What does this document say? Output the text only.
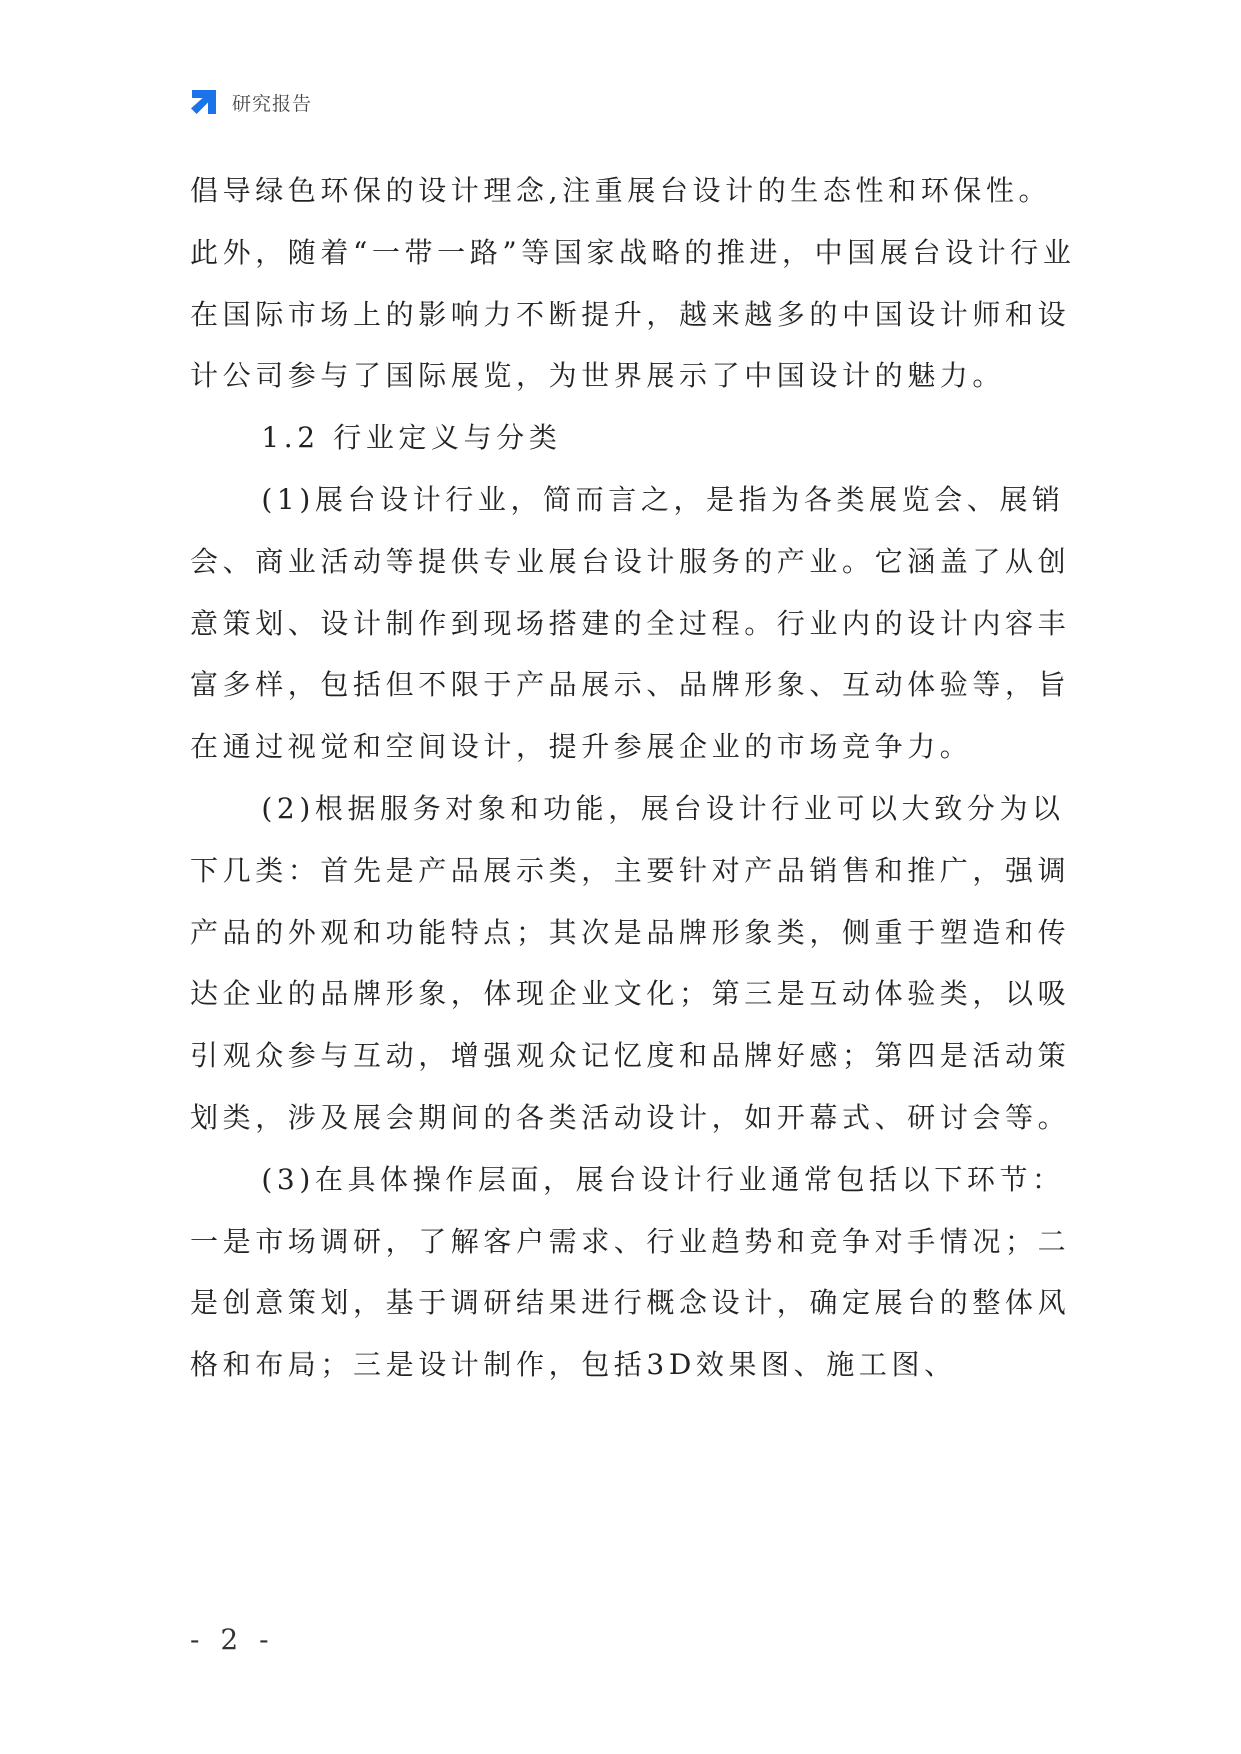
研究报告

倡导绿色环保的设计理念,注重展台设计的生态性和环保性。此外，随着“一带一路”等国家战略的推进，中国展台设计行业在国际市场上的影响力不断提升，越来越多的中国设计师和设计公司参与了国际展览，为世界展示了中国设计的魅力。

1.2 行业定义与分类

(1)展台设计行业，简而言之，是指为各类展览会、展销会、商业活动等提供专业展台设计服务的产业。它涵盖了从创意策划、设计制作到现场搭建的全过程。行业内的设计内容丰富多样，包括但不限于产品展示、品牌形象、互动体验等，旨在通过视觉和空间设计，提升参展企业的市场竞争力。

(2)根据服务对象和功能，展台设计行业可以大致分为以下几类：首先是产品展示类，主要针对产品销售和推广，强调产品的外观和功能特点；其次是品牌形象类，侧重于塑造和传达企业的品牌形象，体现企业文化；第三是互动体验类，以吸引观众参与互动，增强观众记忆度和品牌好感；第四是活动策划类，涉及展会期间的各类活动设计，如开幕式、研讨会等。

(3)在具体操作层面，展台设计行业通常包括以下环节：一是市场调研，了解客户需求、行业趋势和竞争对手情况；二是创意策划，基于调研结果进行概念设计，确定展台的整体风格和布局；三是设计制作，包括3D效果图、施工图、

- 2 -
